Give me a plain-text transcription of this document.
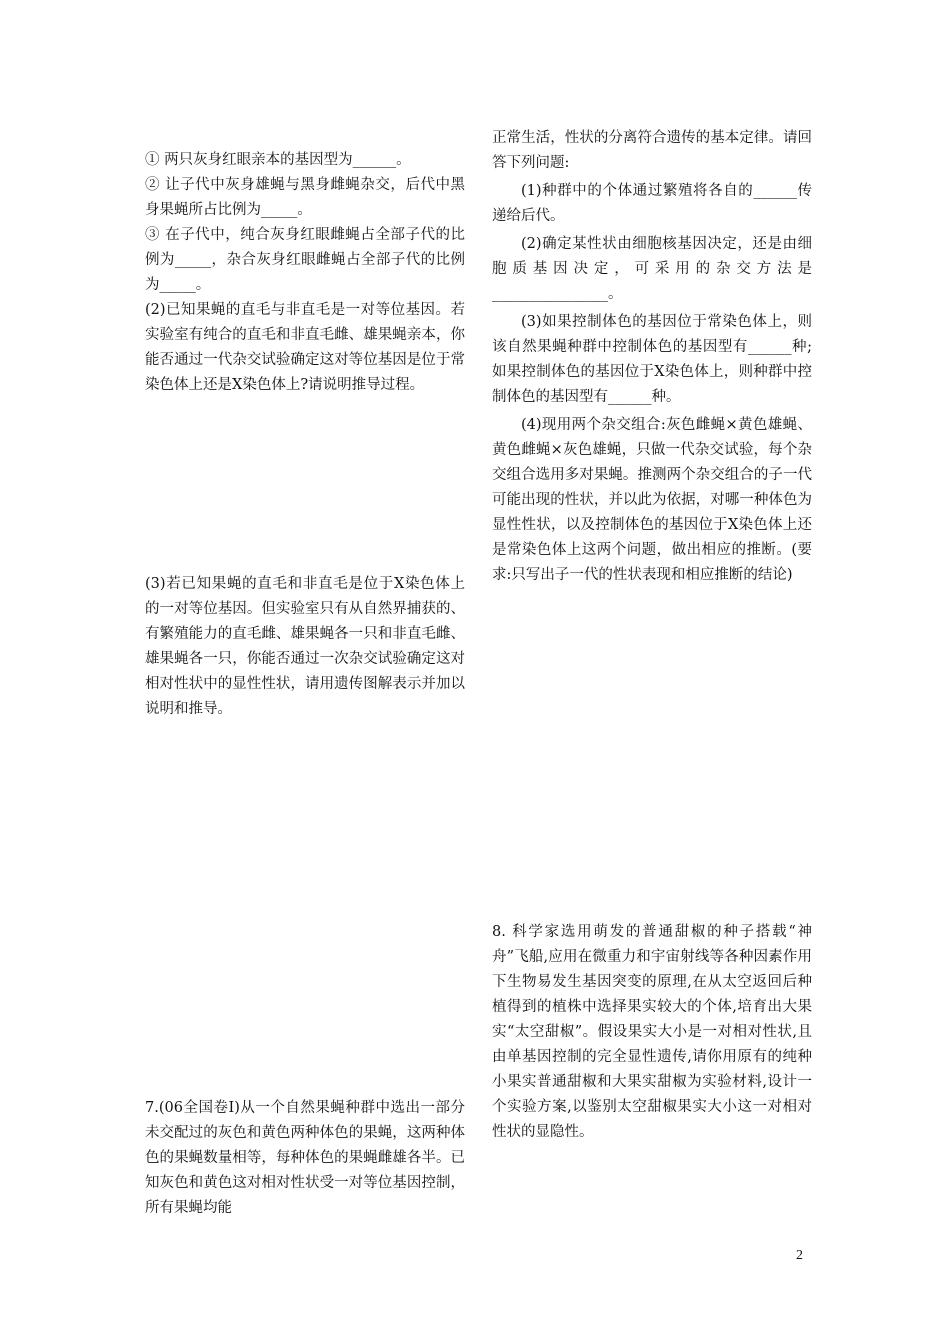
① 两只灰身红眼亲本的基因型为______。

② 让子代中灰身雄蝇与黑身雌蝇杂交，后代中黑身果蝇所占比例为_____。

③ 在子代中，纯合灰身红眼雌蝇占全部子代的比例为_____，杂合灰身红眼雌蝇占全部子代的比例为_____。

(2)已知果蝇的直毛与非直毛是一对等位基因。若实验室有纯合的直毛和非直毛雌、雄果蝇亲本，你能否通过一代杂交试验确定这对等位基因是位于常染色体上还是X染色体上?请说明推导过程。

(3)若已知果蝇的直毛和非直毛是位于X染色体上的一对等位基因。但实验室只有从自然界捕获的、有繁殖能力的直毛雌、雄果蝇各一只和非直毛雌、雄果蝇各一只，你能否通过一次杂交试验确定这对相对性状中的显性性状，请用遗传图解表示并加以说明和推导。

7.(06全国卷I)从一个自然果蝇种群中选出一部分未交配过的灰色和黄色两种体色的果蝇，这两种体色的果蝇数量相等，每种体色的果蝇雌雄各半。已知灰色和黄色这对相对性状受一对等位基因控制，所有果蝇均能

正常生活，性状的分离符合遗传的基本定律。请回答下列问题:

(1)种群中的个体通过繁殖将各自的______传递给后代。

(2)确定某性状由细胞核基因决定，还是由细胞质基因决定，可采用的杂交方法是________________。

(3)如果控制体色的基因位于常染色体上，则该自然果蝇种群中控制体色的基因型有______种;如果控制体色的基因位于X染色体上，则种群中控制体色的基因型有______种。

(4)现用两个杂交组合:灰色雌蝇×黄色雄蝇、黄色雌蝇×灰色雄蝇，只做一代杂交试验，每个杂交组合选用多对果蝇。推测两个杂交组合的子一代可能出现的性状，并以此为依据，对哪一种体色为显性性状，以及控制体色的基因位于X染色体上还是常染色体上这两个问题，做出相应的推断。(要求:只写出子一代的性状表现和相应推断的结论)

8. 科学家选用萌发的普通甜椒的种子搭载“神舟”飞船,应用在微重力和宇宙射线等各种因素作用下生物易发生基因突变的原理,在从太空返回后种植得到的植株中选择果实较大的个体,培育出大果实“太空甜椒”。假设果实大小是一对相对性状,且由单基因控制的完全显性遗传,请你用原有的纯种小果实普通甜椒和大果实甜椒为实验材料,设计一个实验方案,以鉴别太空甜椒果实大小这一对相对性状的显隐性。

2
